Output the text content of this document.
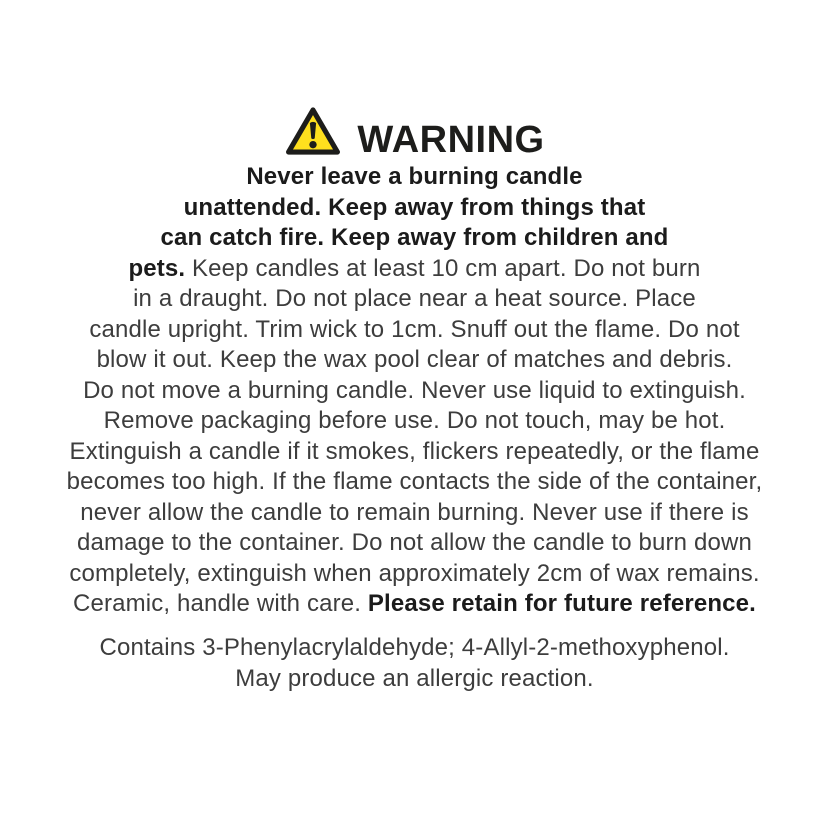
WARNING
Never leave a burning candle
unattended. Keep away from things that
can catch fire. Keep away from children and
pets. Keep candles at least 10 cm apart. Do not burn
in a draught. Do not place near a heat source. Place
candle upright. Trim wick to 1cm. Snuff out the flame. Do not
blow it out. Keep the wax pool clear of matches and debris.
Do not move a burning candle. Never use liquid to extinguish.
Remove packaging before use. Do not touch, may be hot.
Extinguish a candle if it smokes, flickers repeatedly, or the flame
becomes too high. If the flame contacts the side of the container,
never allow the candle to remain burning. Never use if there is
damage to the container. Do not allow the candle to burn down
completely, extinguish when approximately 2cm of wax remains.
Ceramic, handle with care. Please retain for future reference.
Contains 3-Phenylacrylaldehyde; 4-Allyl-2-methoxyphenol.
May produce an allergic reaction.
